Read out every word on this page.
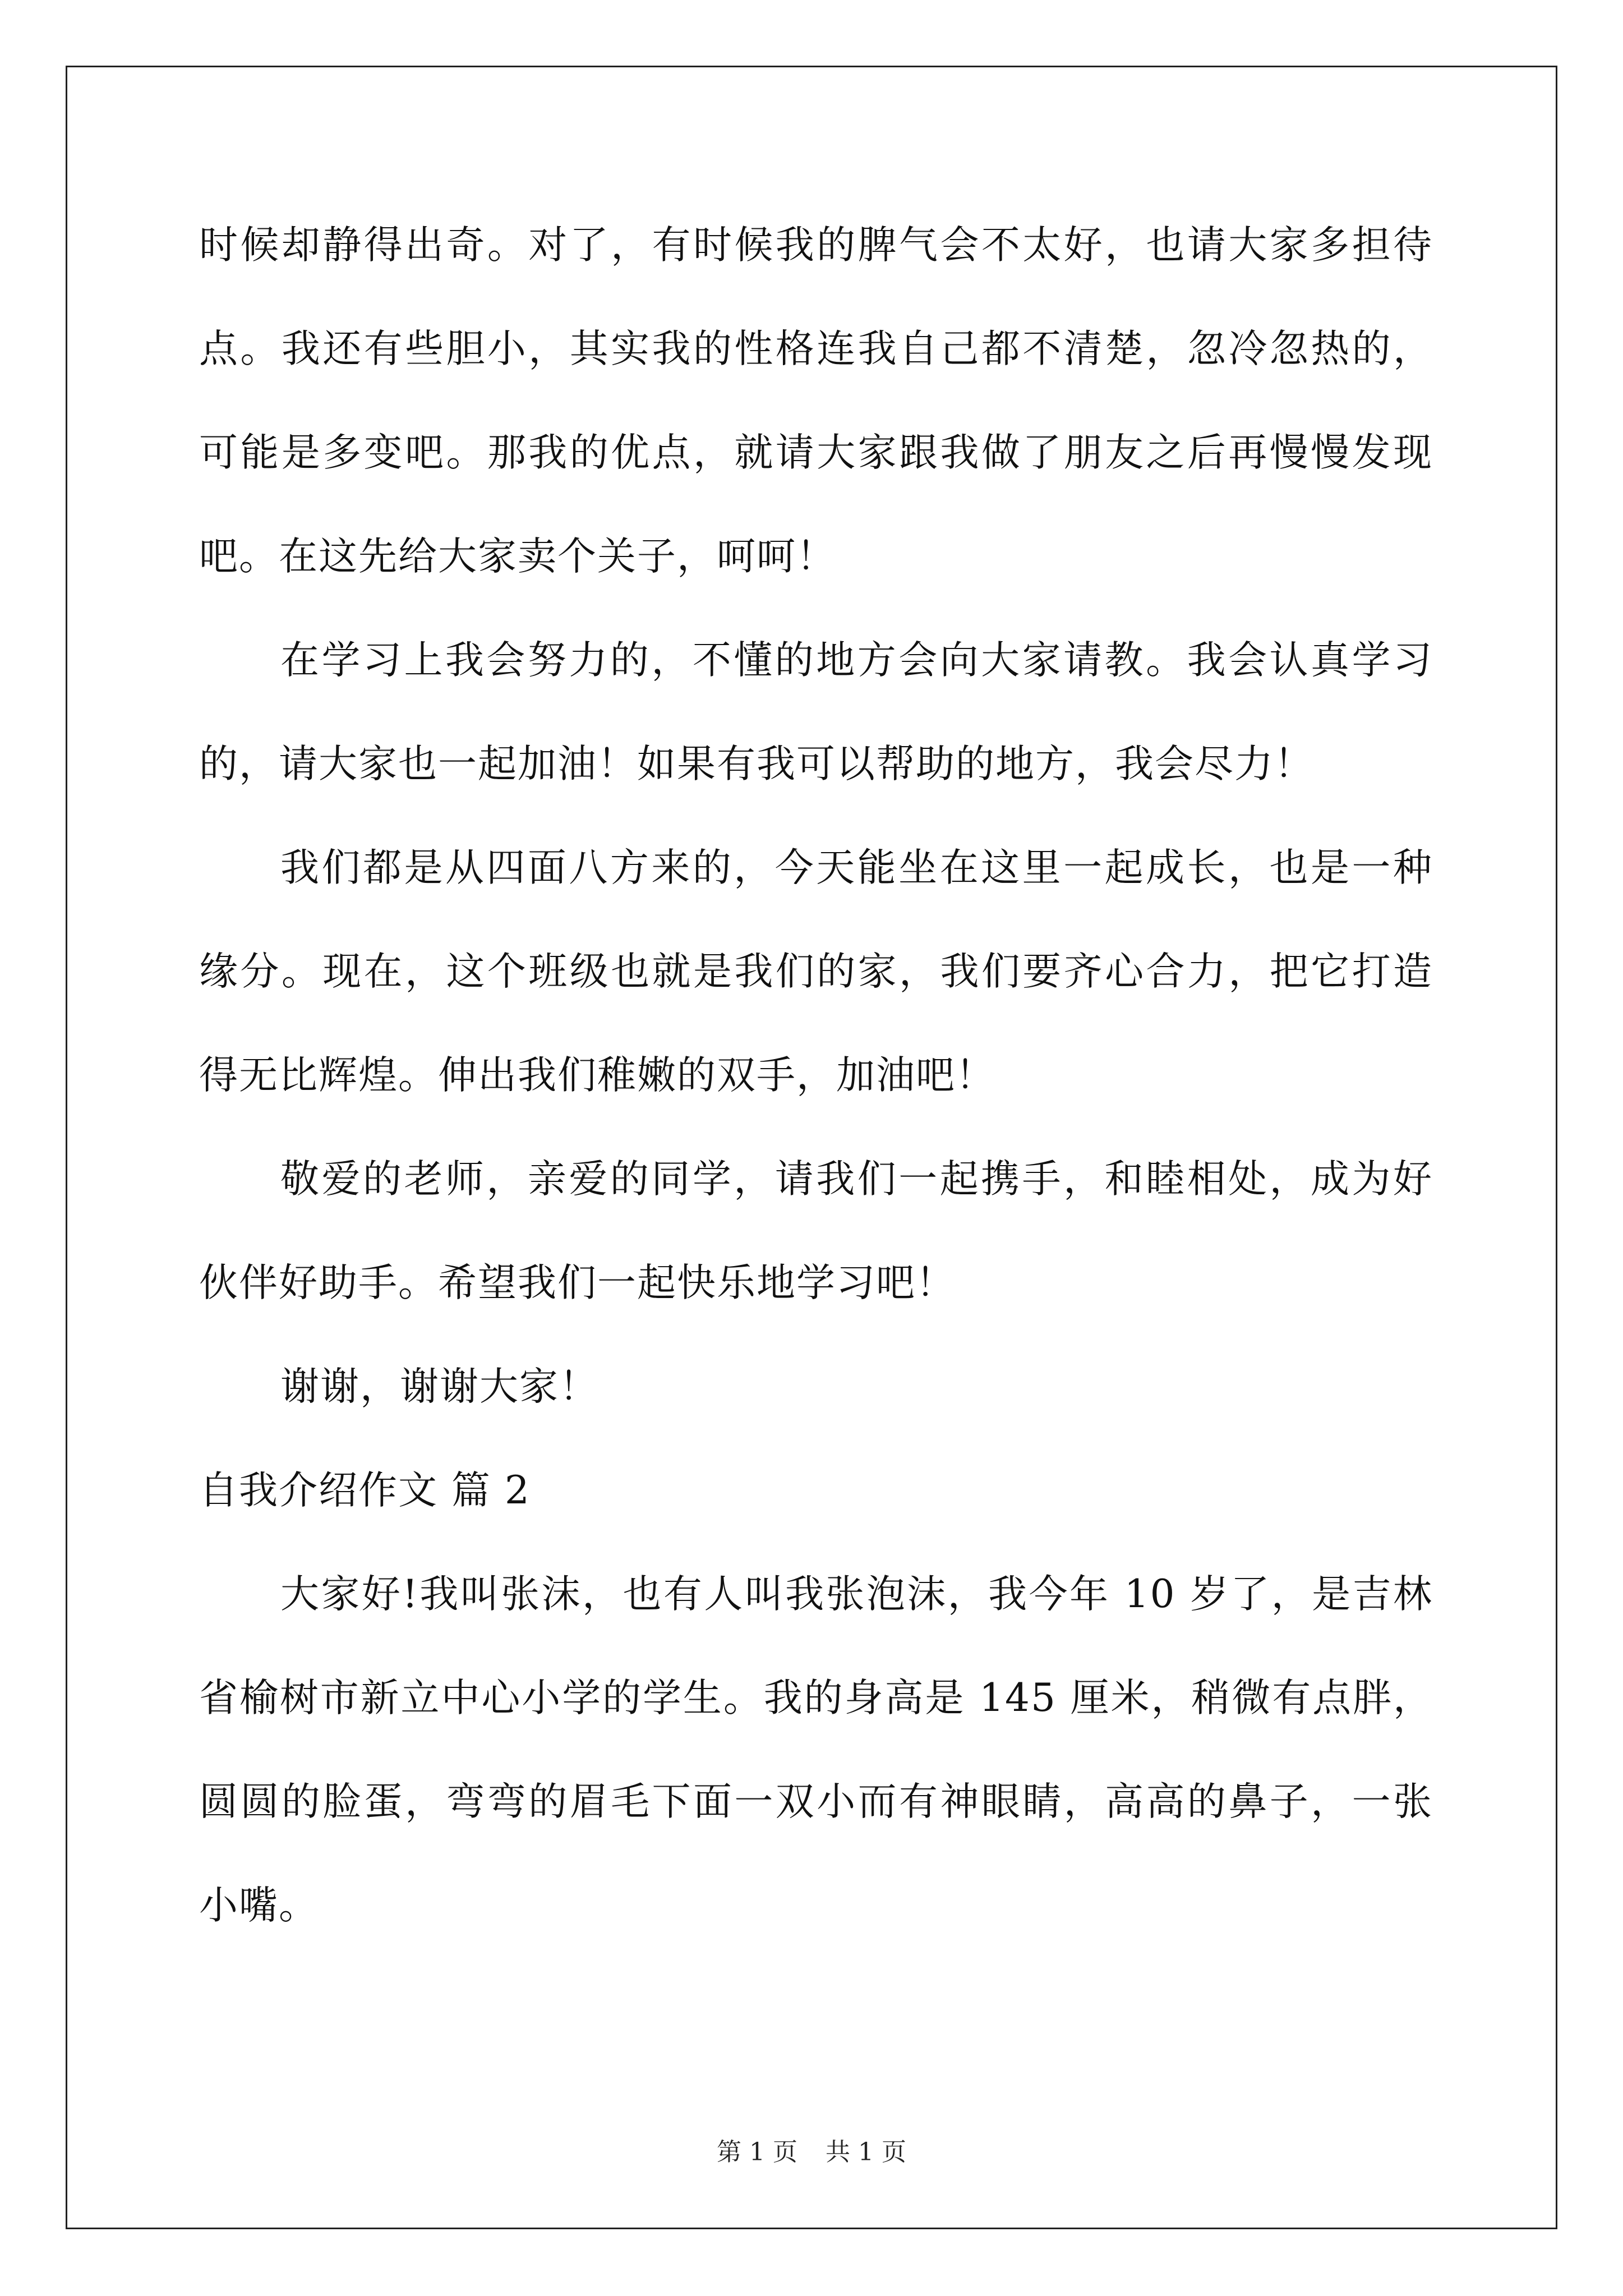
时候却静得出奇。对了，有时候我的脾气会不太好，也请大家多担待点。我还有些胆小，其实我的性格连我自己都不清楚，忽冷忽热的，可能是多变吧。那我的优点，就请大家跟我做了朋友之后再慢慢发现吧。在这先给大家卖个关子，呵呵！

在学习上我会努力的，不懂的地方会向大家请教。我会认真学习的，请大家也一起加油！如果有我可以帮助的地方，我会尽力！

我们都是从四面八方来的，今天能坐在这里一起成长，也是一种缘分。现在，这个班级也就是我们的家，我们要齐心合力，把它打造得无比辉煌。伸出我们稚嫩的双手，加油吧！

敬爱的老师，亲爱的同学，请我们一起携手，和睦相处，成为好伙伴好助手。希望我们一起快乐地学习吧！

谢谢，谢谢大家！

自我介绍作文 篇 2

大家好!我叫张沫，也有人叫我张泡沫，我今年 10 岁了，是吉林省榆树市新立中心小学的学生。我的身高是 145 厘米，稍微有点胖，圆圆的脸蛋，弯弯的眉毛下面一双小而有神眼睛，高高的鼻子，一张小嘴。

第 1 页 共 1 页
